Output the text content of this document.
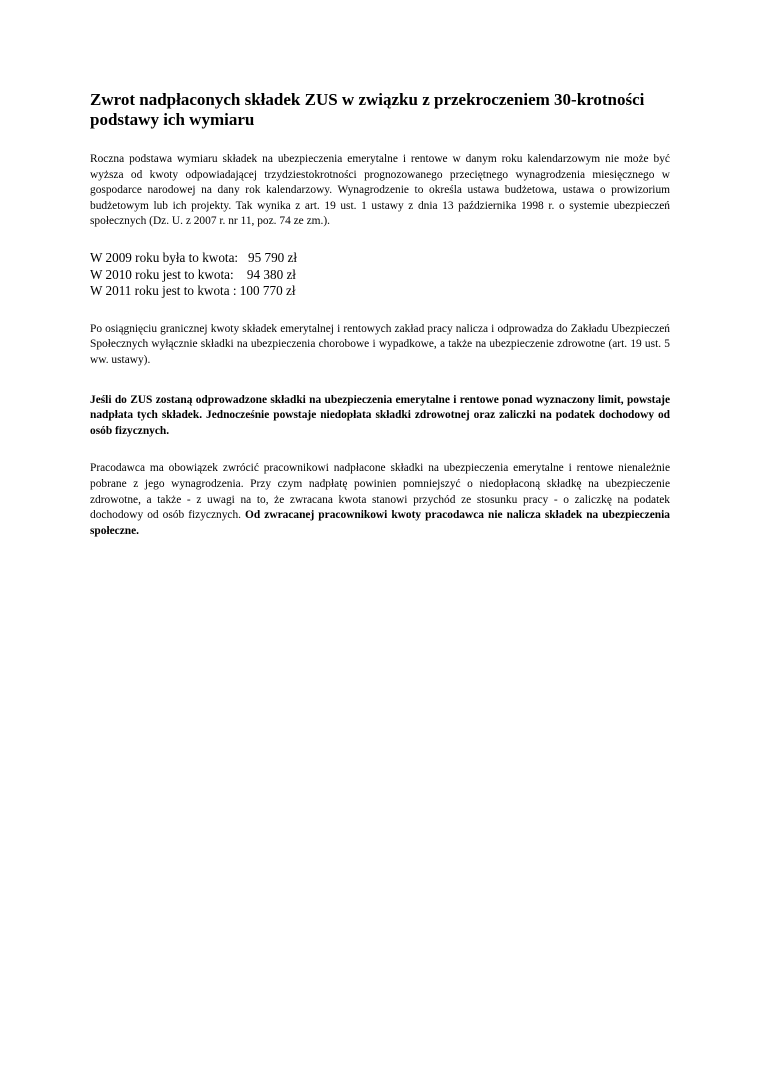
Zwrot nadpłaconych składek ZUS w związku z przekroczeniem 30-krotności podstawy ich wymiaru

Roczna podstawa wymiaru składek na ubezpieczenia emerytalne i rentowe w danym roku kalendarzowym nie może być wyższa od kwoty odpowiadającej trzydziestokrotności prognozowanego przeciętnego wynagrodzenia miesięcznego w gospodarce narodowej na dany rok kalendarzowy. Wynagrodzenie to określa ustawa budżetowa, ustawa o prowizorium budżetowym lub ich projekty. Tak wynika z art. 19 ust. 1 ustawy z dnia 13 października 1998 r. o systemie ubezpieczeń społecznych (Dz. U. z 2007 r. nr 11, poz. 74 ze zm.).

W 2009 roku była to kwota:   95 790 zł
W 2010 roku jest to kwota:    94 380 zł
W 2011 roku jest to kwota : 100 770 zł

Po osiągnięciu granicznej kwoty składek emerytalnej i rentowych zakład pracy nalicza i odprowadza do Zakładu Ubezpieczeń Społecznych wyłącznie składki na ubezpieczenia chorobowe i wypadkowe, a także na ubezpieczenie zdrowotne (art. 19 ust. 5 ww. ustawy).

Jeśli do ZUS zostaną odprowadzone składki na ubezpieczenia emerytalne i rentowe ponad wyznaczony limit, powstaje nadpłata tych składek. Jednocześnie powstaje niedopłata składki zdrowotnej oraz zaliczki na podatek dochodowy od osób fizycznych.

Pracodawca ma obowiązek zwrócić pracownikowi nadpłacone składki na ubezpieczenia emerytalne i rentowe nienależnie pobrane z jego wynagrodzenia. Przy czym nadpłatę powinien pomniejszyć o niedopłaconą składkę na ubezpieczenie zdrowotne, a także - z uwagi na to, że zwracana kwota stanowi przychód ze stosunku pracy - o zaliczkę na podatek dochodowy od osób fizycznych. Od zwracanej pracownikowi kwoty pracodawca nie nalicza składek na ubezpieczenia społeczne.
